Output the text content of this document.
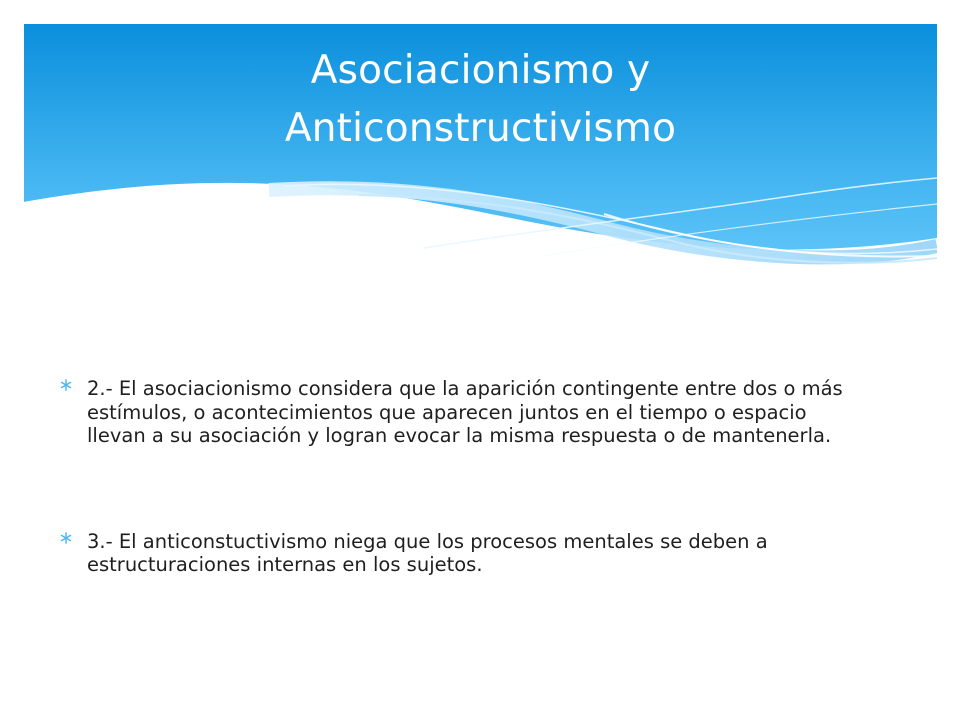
Asociacionismo y
Anticonstructivismo

2.- El asociacionismo considera que la aparición contingente entre dos o más estímulos, o acontecimientos que aparecen juntos en el tiempo o espacio llevan a su asociación y logran evocar la misma respuesta o de mantenerla.

3.- El anticonstuctivismo niega que los procesos mentales se deben a estructuraciones internas en los sujetos.
